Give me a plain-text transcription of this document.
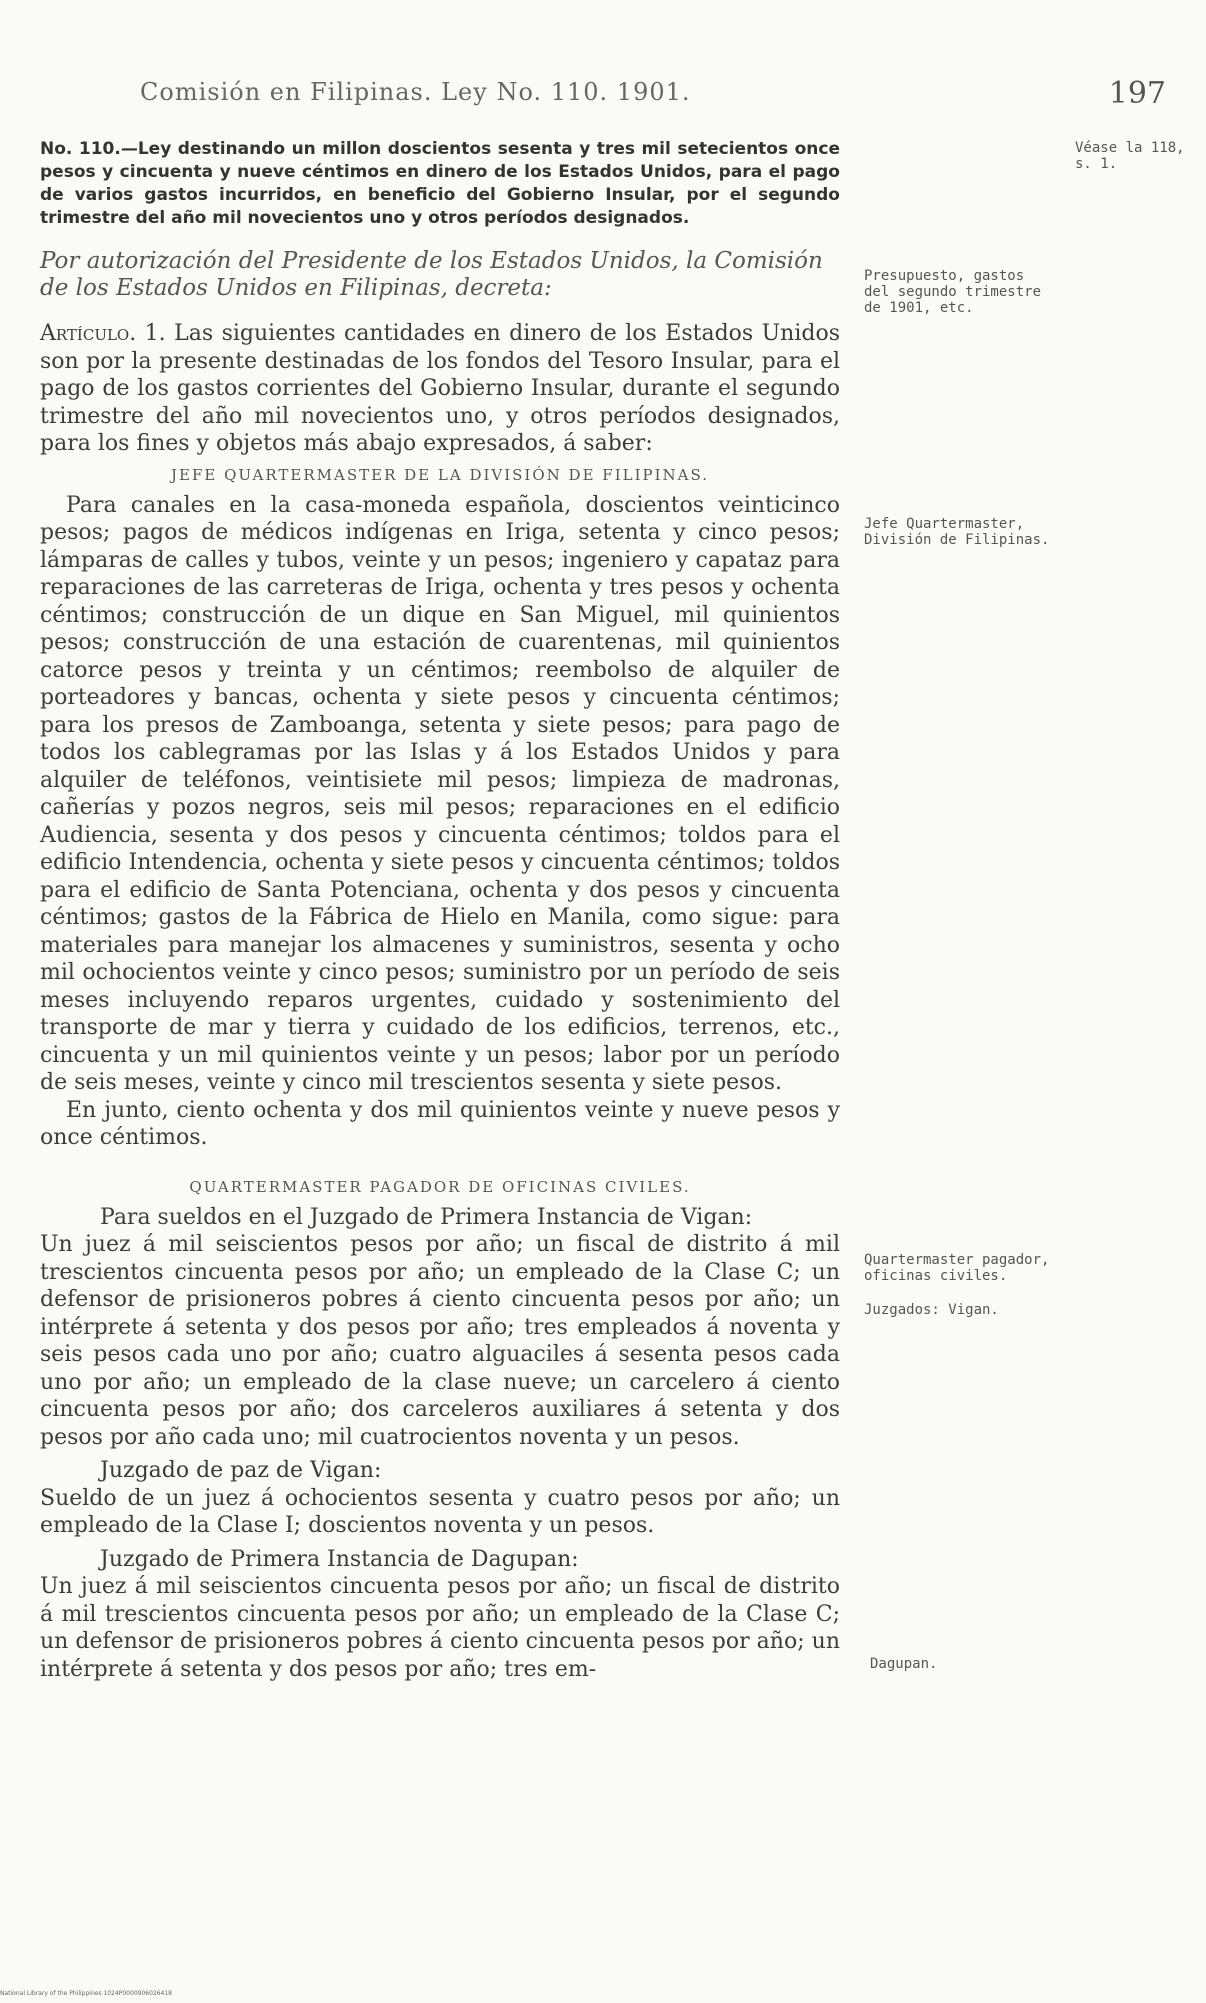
Comisión en Filipinas. Ley No. 110. 1901.	197
Véase la 118, s. 1.
Presupuesto, gastos del segundo trimestre de 1901, etc.
Jefe Quartermaster, División de Filipinas.
Quartermaster pagador, oficinas civiles.
Juzgados: Vigan.
Dagupan.
No. 110.—Ley destinando un millon doscientos sesenta y tres mil setecientos once pesos y cincuenta y nueve céntimos en dinero de los Estados Unidos, para el pago de varios gastos incurridos, en beneficio del Gobierno Insular, por el segundo trimestre del año mil novecientos uno y otros períodos designados.
Por autorización del Presidente de los Estados Unidos, la Comisión de los Estados Unidos en Filipinas, decreta:

Artículo. 1. Las siguientes cantidades en dinero de los Estados Unidos son por la presente destinadas de los fondos del Tesoro Insular, para el pago de los gastos corrientes del Gobierno Insular, durante el segundo trimestre del año mil novecientos uno, y otros períodos designados, para los fines y objetos más abajo expresados, á saber:

JEFE QUARTERMASTER DE LA DIVISIÓN DE FILIPINAS.

Para canales en la casa-moneda española, doscientos veinticinco pesos; pagos de médicos indígenas en Iriga, setenta y cinco pesos; lámparas de calles y tubos, veinte y un pesos; ingeniero y capataz para reparaciones de las carreteras de Iriga, ochenta y tres pesos y ochenta céntimos; construcción de un dique en San Miguel, mil quinientos pesos; construcción de una estación de cuarentenas, mil quinientos catorce pesos y treinta y un céntimos; reembolso de alquiler de porteadores y bancas, ochenta y siete pesos y cincuenta céntimos; para los presos de Zamboanga, setenta y siete pesos; para pago de todos los cablegramas por las Islas y á los Estados Unidos y para alquiler de teléfonos, veintisiete mil pesos; limpieza de madronas, cañerías y pozos negros, seis mil pesos; reparaciones en el edificio Audiencia, sesenta y dos pesos y cincuenta céntimos; toldos para el edificio Intendencia, ochenta y siete pesos y cincuenta céntimos; toldos para el edificio de Santa Potenciana, ochenta y dos pesos y cincuenta céntimos; gastos de la Fábrica de Hielo en Manila, como sigue: para materiales para manejar los almacenes y suministros, sesenta y ocho mil ochocientos veinte y cinco pesos; suministro por un período de seis meses incluyendo reparos urgentes, cuidado y sostenimiento del transporte de mar y tierra y cuidado de los edificios, terrenos, etc., cincuenta y un mil quinientos veinte y un pesos; labor por un período de seis meses, veinte y cinco mil trescientos sesenta y siete pesos.

En junto, ciento ochenta y dos mil quinientos veinte y nueve pesos y once céntimos.

QUARTERMASTER PAGADOR DE OFICINAS CIVILES.

Para sueldos en el Juzgado de Primera Instancia de Vigan:

Un juez á mil seiscientos pesos por año; un fiscal de distrito á mil trescientos cincuenta pesos por año; un empleado de la Clase C; un defensor de prisioneros pobres á ciento cincuenta pesos por año; un intérprete á setenta y dos pesos por año; tres empleados á noventa y seis pesos cada uno por año; cuatro alguaciles á sesenta pesos cada uno por año; un empleado de la clase nueve; un carcelero á ciento cincuenta pesos por año; dos carceleros auxiliares á setenta y dos pesos por año cada uno; mil cuatrocientos noventa y un pesos.

Juzgado de paz de Vigan:

Sueldo de un juez á ochocientos sesenta y cuatro pesos por año; un empleado de la Clase I; doscientos noventa y un pesos.

Juzgado de Primera Instancia de Dagupan:

Un juez á mil seiscientos cincuenta pesos por año; un fiscal de distrito á mil trescientos cincuenta pesos por año; un empleado de la Clase C; un defensor de prisioneros pobres á ciento cincuenta pesos por año; un intérprete á setenta y dos pesos por año; tres em-

National Library of the Philippines 1024P0000906026418
